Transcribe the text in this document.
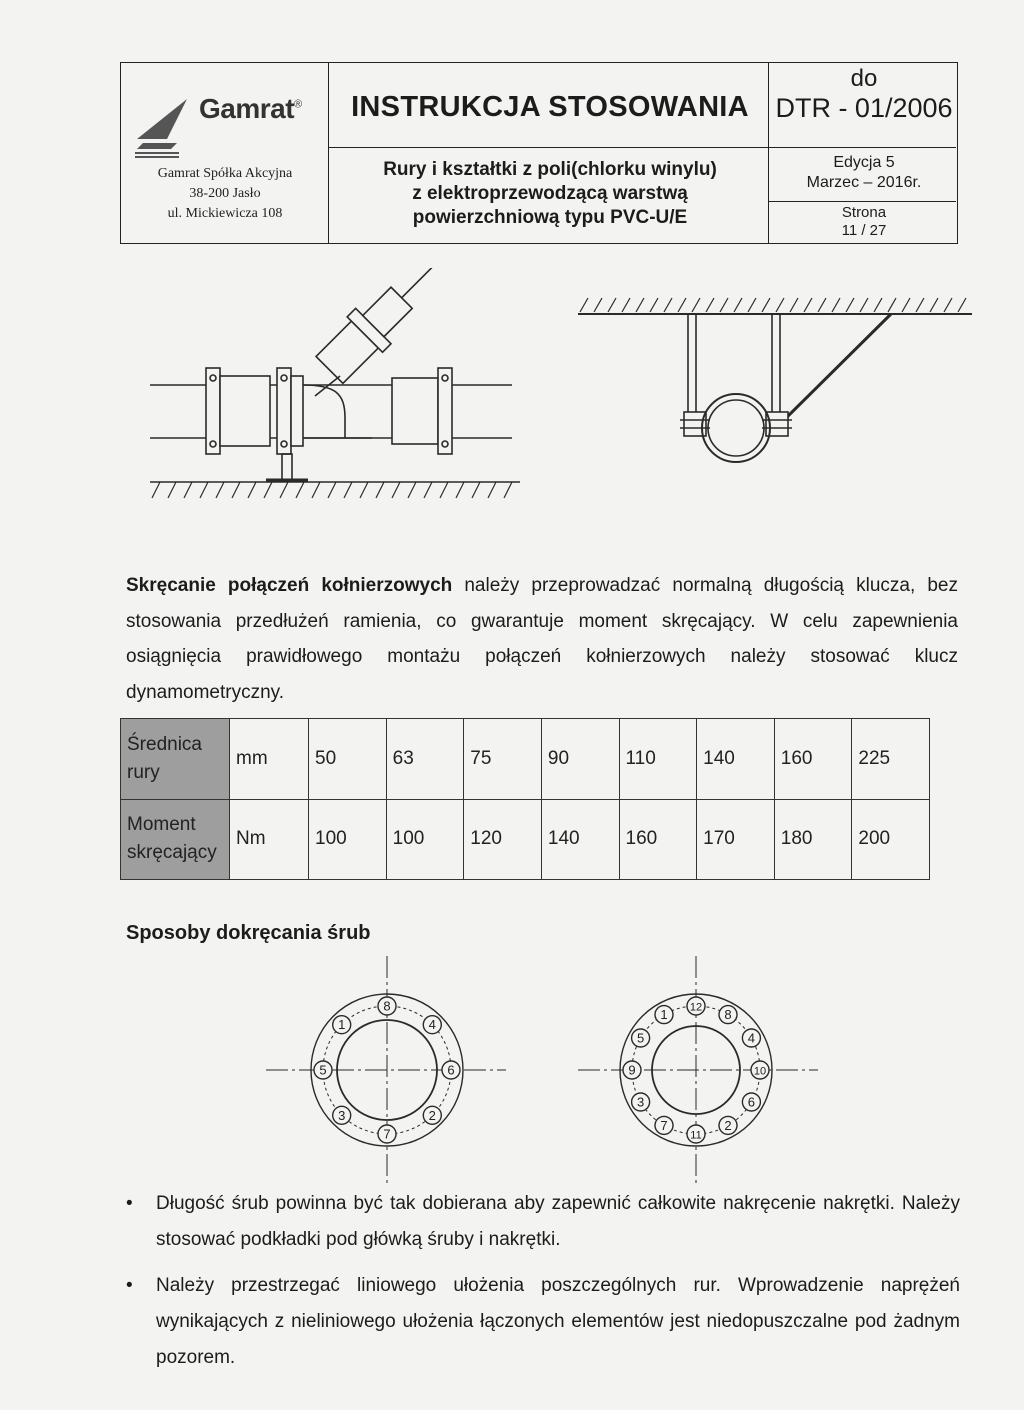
Gamrat®
Gamrat Spółka Akcyjna
38-200 Jasło
ul. Mickiewicza 108
INSTRUKCJA STOSOWANIA
Rury i kształtki z poli(chlorku winylu)
z elektroprzewodzącą warstwą
powierzchniową typu PVC-U/E
do
DTR - 01/2006
Edycja 5
Marzec – 2016r.
Strona
11 / 27
Skręcanie połączeń kołnierzowych należy przeprowadzać normalną długością klucza, bez stosowania przedłużeń ramienia, co gwarantuje moment skręcający. W celu zapewnienia osiągnięcia prawidłowego montażu połączeń kołnierzowych należy stosować klucz dynamometryczny.
Średnica rury	mm	50	63	75	90	110	140	160	225
Moment skręcający	Nm	100	100	120	140	160	170	180	200
Sposoby dokręcania śrub
8
4
6
2
7
3
5
1
12 8
4
10
6
2
11
7
3
9
5
1
• Długość śrub powinna być tak dobierana aby zapewnić całkowite nakręcenie nakrętki. Należy stosować podkładki pod główką śruby i nakrętki.
• Należy przestrzegać liniowego ułożenia poszczególnych rur. Wprowadzenie naprężeń wynikających z nieliniowego ułożenia łączonych elementów jest niedopuszczalne pod żadnym pozorem.
